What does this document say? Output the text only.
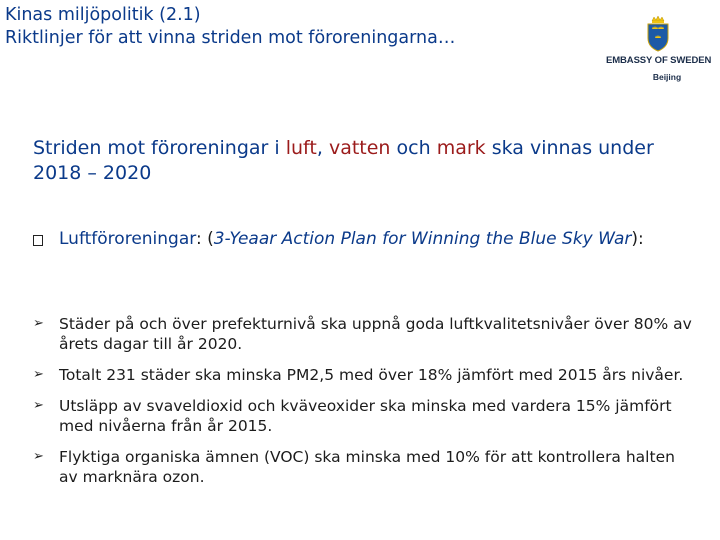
Kinas miljöpolitik (2.1)
Riktlinjer för att vinna striden mot föroreningarna…
EMBASSY OF SWEDEN
Beijing
Striden mot föroreningar i luft, vatten och mark ska vinnas under 2018 – 2020
Luftföroreningar: (3-Yeaar Action Plan for Winning the Blue Sky War):
➢ Städer på och över prefekturnivå ska uppnå goda luftkvalitetsnivåer över 80% av årets dagar till år 2020.
➢ Totalt 231 städer ska minska PM2,5 med över 18% jämfört med 2015 års nivåer.
➢ Utsläpp av svaveldioxid och kväveoxider ska minska med vardera 15% jämfört med nivåerna från år 2015.
➢ Flyktiga organiska ämnen (VOC) ska minska med 10% för att kontrollera halten av marknära ozon.
